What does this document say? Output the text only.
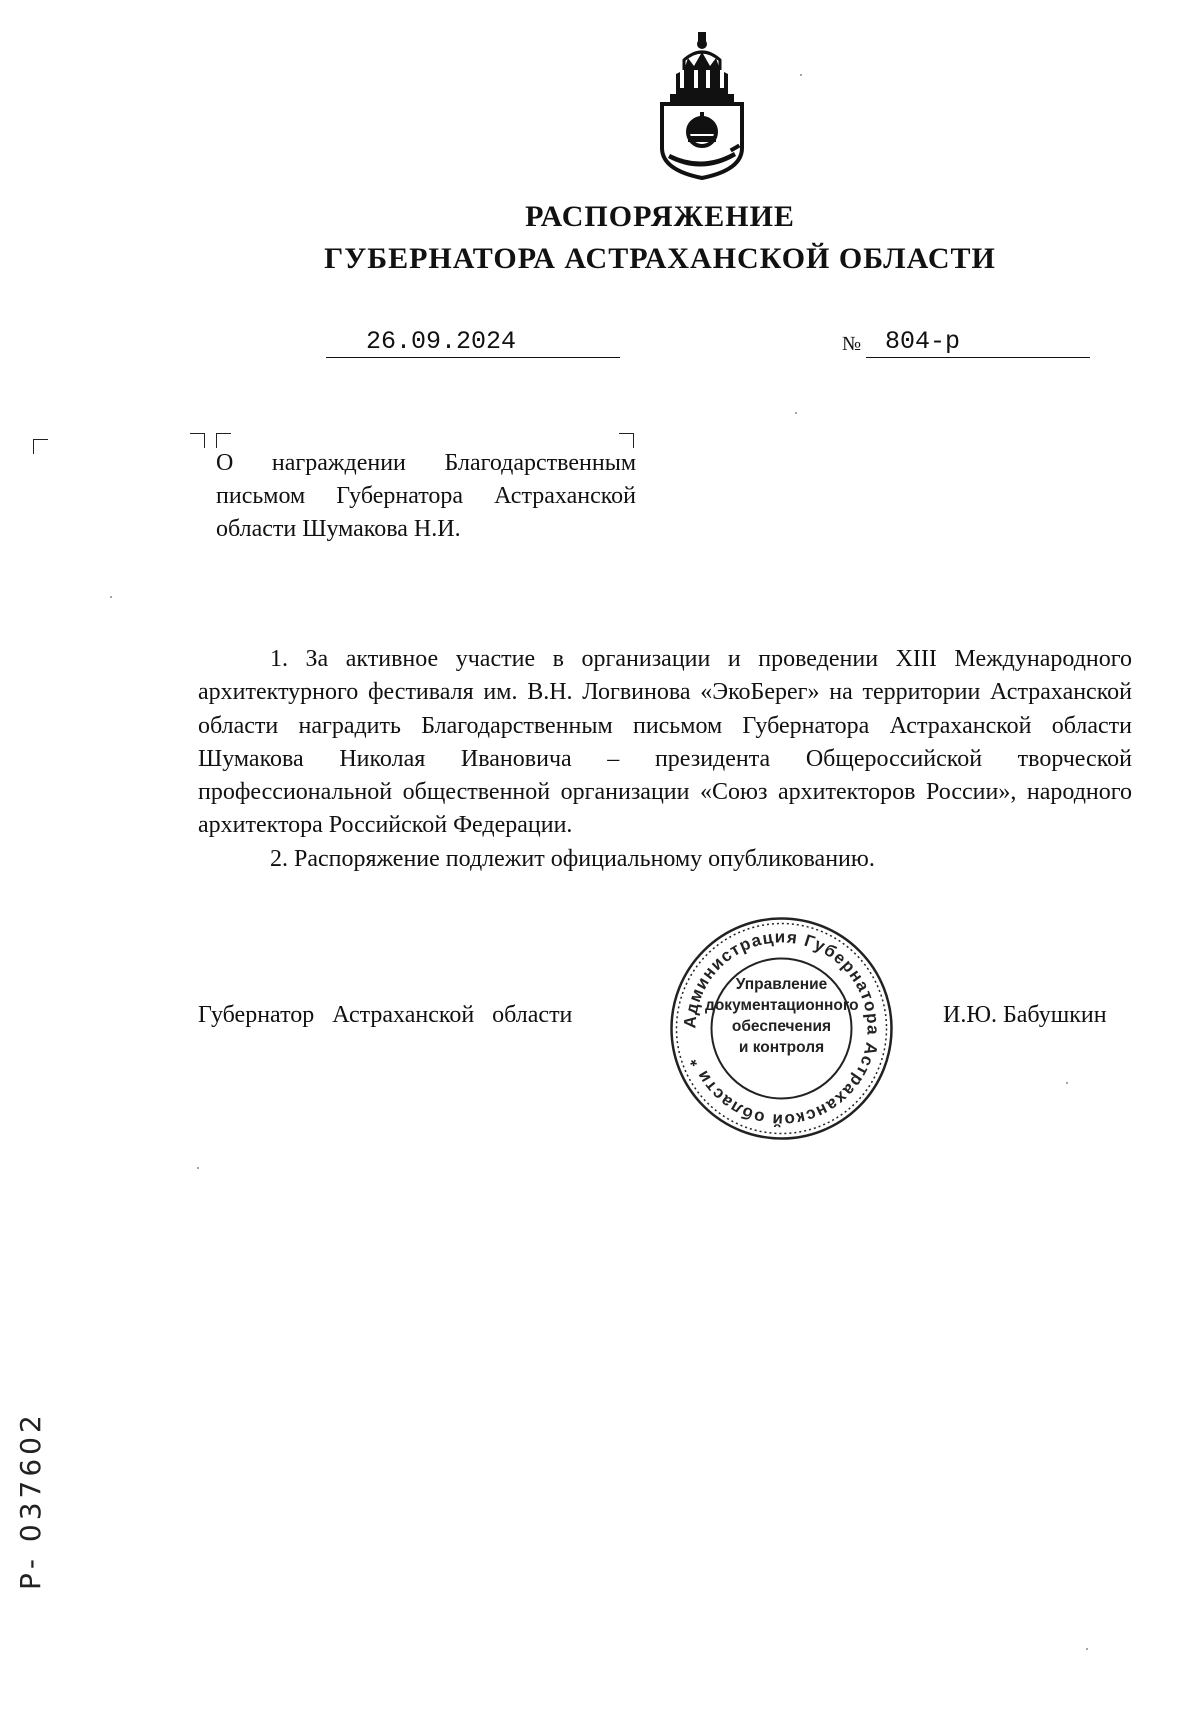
РАСПОРЯЖЕНИЕ
ГУБЕРНАТОРА АСТРАХАНСКОЙ ОБЛАСТИ
26.09.2024	№ 804-р
О награждении Благодарственным письмом Губернатора Астраханской области Шумакова Н.И.

1. За активное участие в организации и проведении XIII Международного архитектурного фестиваля им. В.Н. Логвинова «ЭкоБерег» на территории Астраханской области наградить Благодарственным письмом Губернатора Астраханской области Шумакова Николая Ивановича – президента Общероссийской творческой профессиональной общественной организации «Союз архитекторов России», народного архитектора Российской Федерации.

2. Распоряжение подлежит официальному опубликованию.

Губернатор Астраханской области	И.Ю. Бабушкин
Администрация Губернатора Астраханской области *
Управление
документационного
обеспечения
и контроля
Р- 037602
